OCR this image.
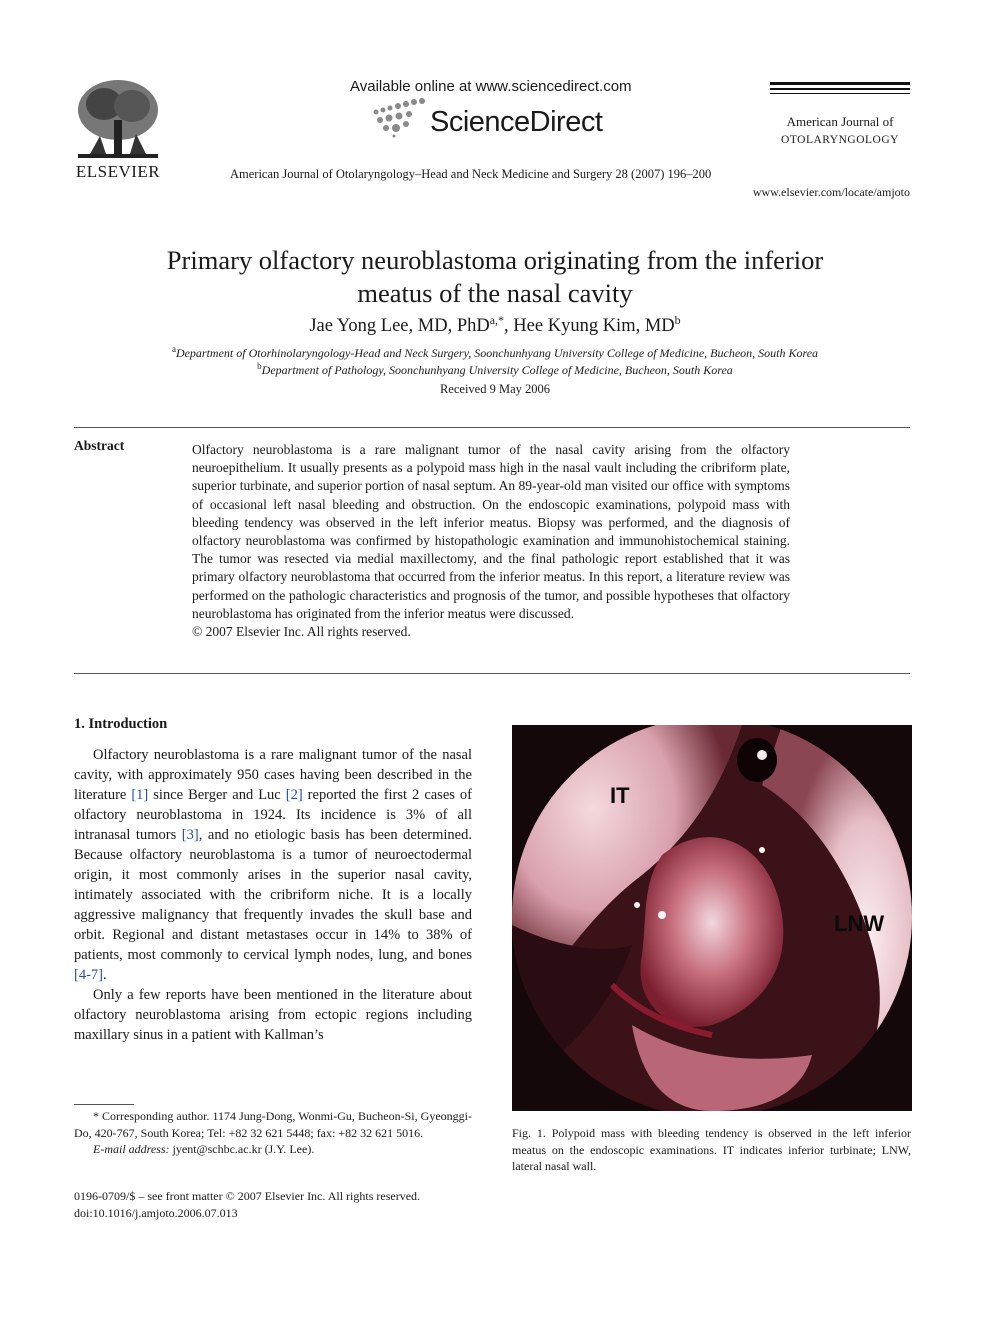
ELSEVIER
Available online at www.sciencedirect.com
ScienceDirect
American Journal of Otolaryngology–Head and Neck Medicine and Surgery 28 (2007) 196–200
American Journal of
OTOLARYNGOLOGY
www.elsevier.com/locate/amjoto
Primary olfactory neuroblastoma originating from the inferior
meatus of the nasal cavity
Jae Yong Lee, MD, PhD$^{a,*}$, Hee Kyung Kim, $MD^b$
$^a$Department of Otorhinolaryngology-Head and Neck Surgery, Soonchunhyang University College of Medicine, Bucheon, South Korea
$^b$Department of Pathology, Soonchunhyang University College of Medicine, Bucheon, South Korea
Received 9 May 2006
Abstract	Olfactory neuroblastoma is a rare malignant tumor of the nasal cavity arising from the olfactory neuroepithelium. It usually presents as a polypoid mass high in the nasal vault including the cribriform plate, superior turbinate, and superior portion of nasal septum. An 89-year-old man visited our office with symptoms of occasional left nasal bleeding and obstruction. On the endoscopic examinations, polypoid mass with bleeding tendency was observed in the left inferior meatus. Biopsy was performed, and the diagnosis of olfactory neuroblastoma was confirmed by histopathologic examination and immunohistochemical staining. The tumor was resected via medial maxillectomy, and the final pathologic report established that it was primary olfactory neuroblastoma that occurred from the inferior meatus. In this report, a literature review was performed on the pathologic characteristics and prognosis of the tumor, and possible hypotheses that olfactory neuroblastoma has originated from the inferior meatus were discussed.
© 2007 Elsevier Inc. All rights reserved.
1. Introduction

Olfactory neuroblastoma is a rare malignant tumor of the nasal cavity, with approximately 950 cases having been described in the literature [1] since Berger and Luc [2] reported the first 2 cases of olfactory neuroblastoma in 1924. Its incidence is 3% of all intranasal tumors [3], and no etiologic basis has been determined. Because olfactory neuroblastoma is a tumor of neuroectodermal origin, it most commonly arises in the superior nasal cavity, intimately associated with the cribriform niche. It is a locally aggressive malignancy that frequently invades the skull base and orbit. Regional and distant metastases occur in 14% to 38% of patients, most commonly to cervical lymph nodes, lung, and bones [4-7].

Only a few reports have been mentioned in the literature about olfactory neuroblastoma arising from ectopic regions including maxillary sinus in a patient with Kallman’s

IT
LNW
Fig. 1. Polypoid mass with bleeding tendency is observed in the left inferior meatus on the endoscopic examinations. IT indicates inferior turbinate; LNW, lateral nasal wall.

* Corresponding author. 1174 Jung-Dong, Wonmi-Gu, Bucheon-Si, Gyeonggi-Do, 420-767, South Korea; Tel: +82 32 621 5448; fax: +82 32 621 5016.

E-mail address: jyent@schbc.ac.kr (J.Y. Lee).

0196-0709/$ – see front matter © 2007 Elsevier Inc. All rights reserved.
doi:10.1016/j.amjoto.2006.07.013
